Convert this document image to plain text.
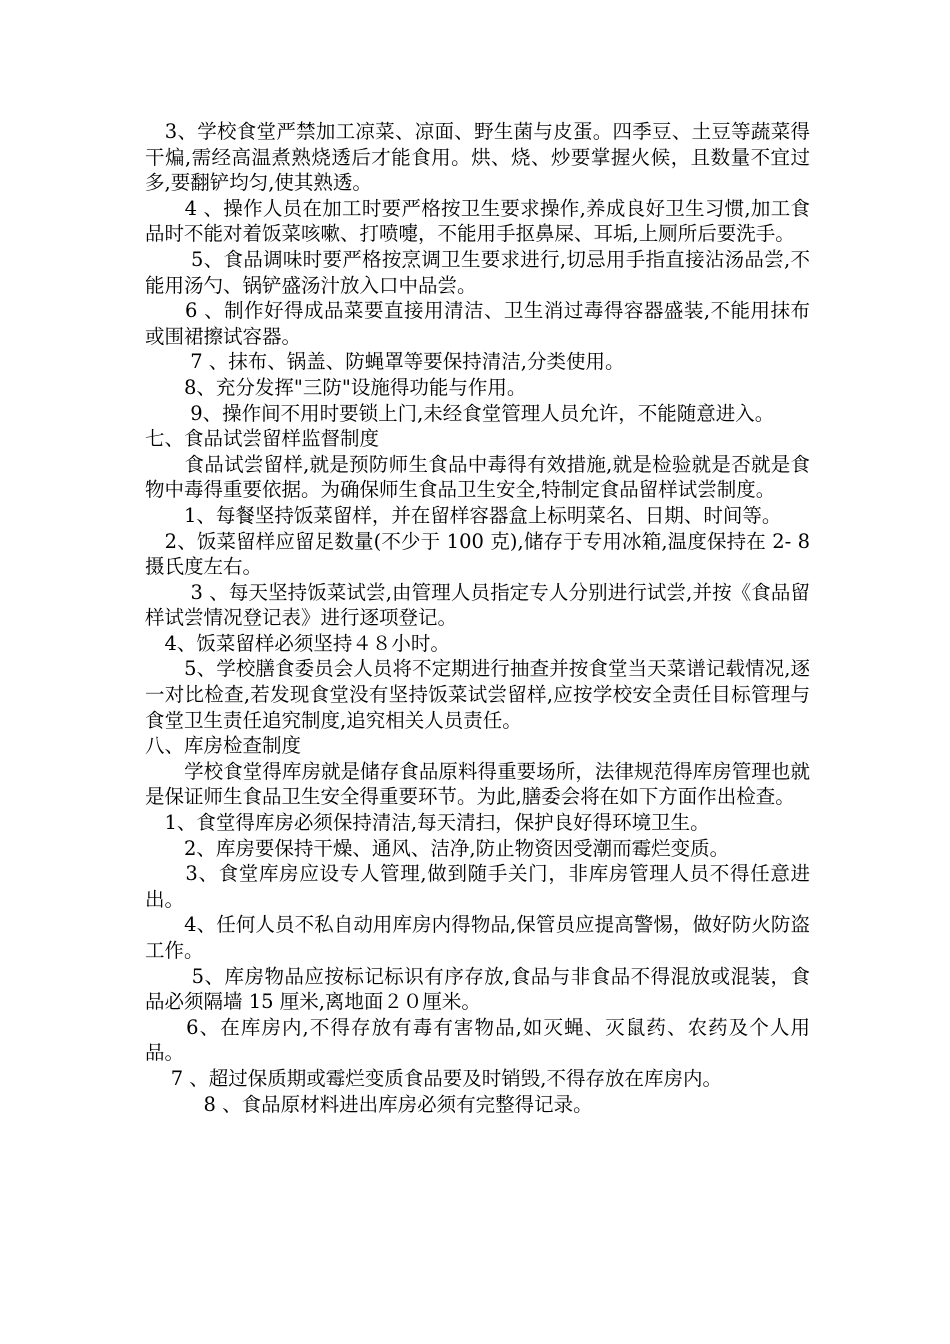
　3、学校食堂严禁加工凉菜、凉面、野生菌与皮蛋。四季豆、土豆等蔬菜得干煸,需经高温煮熟烧透后才能食用。烘、烧、炒要掌握火候，且数量不宜过多,要翻铲均匀,使其熟透。

　　4 、操作人员在加工时要严格按卫生要求操作,养成良好卫生习惯,加工食品时不能对着饭菜咳嗽、打喷嚏，不能用手抠鼻屎、耳垢,上厕所后要洗手。

　　 5、食品调味时要严格按烹调卫生要求进行,切忌用手指直接沾汤品尝,不能用汤勺、锅铲盛汤汁放入口中品尝。

　　6 、制作好得成品菜要直接用清洁、卫生消过毒得容器盛装,不能用抹布或围裙擦试容器。

　　 7 、抹布、锅盖、防蝇罩等要保持清洁,分类使用。

　　8、充分发挥"三防"设施得功能与作用。

　　 9、操作间不用时要锁上门,未经食堂管理人员允许，不能随意进入。

七、食品试尝留样监督制度

　　食品试尝留样,就是预防师生食品中毒得有效措施,就是检验就是否就是食物中毒得重要依据。为确保师生食品卫生安全,特制定食品留样试尝制度。

　　1、每餐坚持饭菜留样，并在留样容器盒上标明菜名、日期、时间等。

　2、饭菜留样应留足数量(不少于 100 克),储存于专用冰箱,温度保持在 2- 8 摄氏度左右。

　　 3 、每天坚持饭菜试尝,由管理人员指定专人分别进行试尝,并按《食品留样试尝情况登记表》进行逐项登记。

　4、饭菜留样必须坚持４８小时。

　　5、学校膳食委员会人员将不定期进行抽查并按食堂当天菜谱记载情况,逐一对比检查,若发现食堂没有坚持饭菜试尝留样,应按学校安全责任目标管理与食堂卫生责任追究制度,追究相关人员责任。

八、库房检查制度

　　学校食堂得库房就是储存食品原料得重要场所，法律规范得库房管理也就是保证师生食品卫生安全得重要环节。为此,膳委会将在如下方面作出检查。

　1、食堂得库房必须保持清洁,每天清扫，保护良好得环境卫生。

　　2、库房要保持干燥、通风、洁净,防止物资因受潮而霉烂变质。

　　3、食堂库房应设专人管理,做到随手关门，非库房管理人员不得任意进出。

　　4、任何人员不私自动用库房内得物品,保管员应提高警惕，做好防火防盗工作。

　　 5、库房物品应按标记标识有序存放,食品与非食品不得混放或混装，食品必须隔墙 15 厘米,离地面２０厘米。

　　6、在库房内,不得存放有毒有害物品,如灭蝇、灭鼠药、农药及个人用品。

　 7 、超过保质期或霉烂变质食品要及时销毁,不得存放在库房内。

　　　8 、食品原材料进出库房必须有完整得记录。
